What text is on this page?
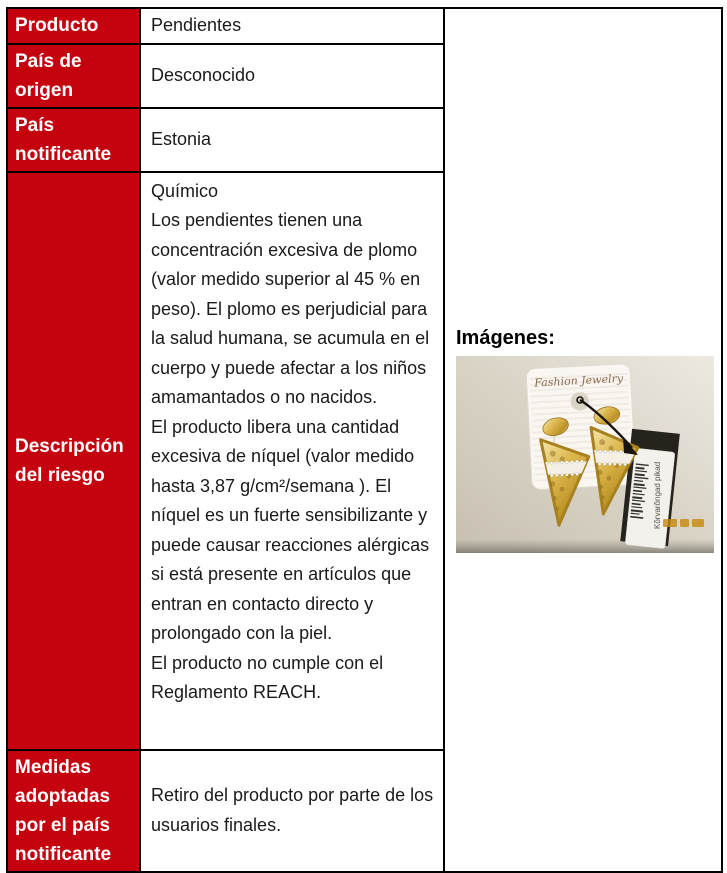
Producto	Pendientes	Imágenes:
Fashion Jewelry
Kõrvarõngad pikad

País de origen	Desconocido	
País notificante	Estonia	
Descripción del riesgo	Químico

Los pendientes tienen una concentración excesiva de plomo (valor medido superior al 45 % en peso). El plomo es perjudicial para la salud humana, se acumula en el cuerpo y puede afectar a los niños amamantados o no nacidos.

El producto libera una cantidad excesiva de níquel (valor medido hasta 3,87 g/cm²/semana ). El níquel es un fuerte sensibilizante y puede causar reacciones alérgicas si está presente en artículos que entran en contacto directo y prolongado con la piel.

El producto no cumple con el Reglamento REACH.	

Medidas adoptadas por el país notificante	Retiro del producto por parte de los usuarios finales.	
